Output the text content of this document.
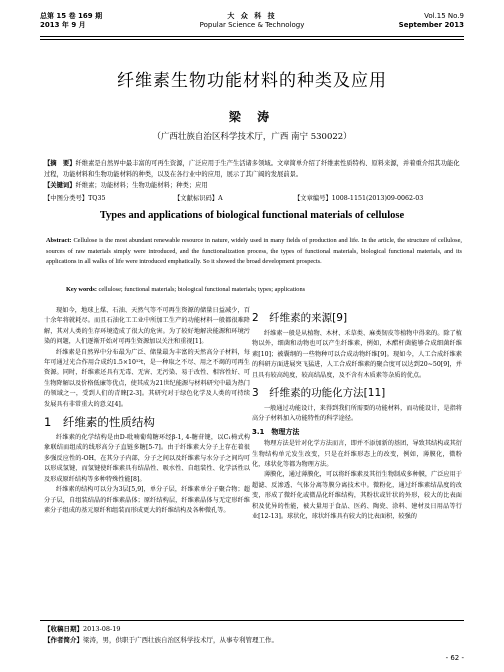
总第 15 卷 169 期
2013 年 9 月
大 众 科 技
Popular Science & Technology
Vol.15 No.9
September 2013
纤维素生物功能材料的种类及应用
梁 涛
（广西壮族自治区科学技术厅，广西 南宁 530022）
【摘　要】纤维素是自然界中最丰富的可再生资源，广泛应用于生产生活诸多领域。文章简单介绍了纤维素性质特构、原料来源，并着重介绍其功能化过程，功能材料和生物功能材料的种类，以及在各行业中的应用，展示了其广阔的发展前景。
【关键词】纤维素；功能材料；生物功能材料；种类；应用
【中图分类号】TQ35	【文献标识码】A	【文章编号】1008-1151(2013)09-0062-03
Types and applications of biological functional materials of cellulose
Abstract: Cellulose is the most abundant renewable resource in nature, widely used in many fields of production and life. In the article, the structure of cellulose, sources of raw materials simply were introduced, and the functionalization process, the types of functional materials, biological functional materials, and its applications in all walks of life were introduced emphatically. So it showed the broad development prospects.
Key words: cellulose; functional materials; biological functional materials; types; applications

现如今，地球上煤、石油、天然气等不可再生资源的储量日益减少，百十余年将就耗尽。而且石油化工工业中所加工生产的功能材料一般都很难降解，其对人类的生存环境造成了很大的危害。为了较好地解决能源和环境污染的问题，人们逐渐开始对可再生资源加以关注和重视[1]。

纤维素是自然界中分布最为广泛、储量最为丰富的天然高分子材料，每年可通过光合作用合成约1.5×10¹²t，是一种取之不尽、用之不竭的可再生资源。同时，纤维素还具有无毒、无害、无污染、易于改性、相容性好、可生物降解以及价格低廉等优点，使其成为21世纪能源与材料研究中最为热门的领域之一，受到人们的青睐[2-3]。其研究对于绿色化学及人类的可持续发展具有非常重大的意义[4]。

1　纤维素的性质结构

纤维素的化学结构是由D-吡喃葡萄糖环经β-1, 4-糖苷键，以C₁椅式构象联结而组成的线形高分子直链多糖[5-7]。由于纤维素大分子上存在着很多强反应性的-OH，在其分子内部，分子之间以及纤维素与水分子之间均可以形成氢键，而氢键使纤维素具有结晶性、吸水性、自组装性、化学活性以及形成原纤结构等多种特殊性能[8]。

纤维素的结构可以分为3层[5,9]，单分子层，纤维素单分子聚合物；超分子层，自组装结晶的纤维素晶体；原纤结构层，纤维素晶体与无定形纤维素分子组成的基元原纤和组装而形成更大的纤维结构及各种微孔等。

2　纤维素的来源[9]

纤维素一般是从植物、木材、禾草类、麻类韧皮等植物中得来的。除了植物以外，细菌和动物也可以产生纤维素，例如，木醋杆菌能够合成细菌纤维素[10]；被囊纲的一些物种可以合成动物纤维[9]。现如今，人工合成纤维素的科研方面进展突飞猛进，人工合成纤维素的聚合度可以达到20~50[9]，并且具有较高纯度，较高结晶度，及不含有木质素等杂质的优点。

3　纤维素的功能化方法[11]

一般通过功能设计，来得到我们所需要的功能材料，而功能设计，是指将高分子材料加入功能特性的科学途径。

3.1　物理方法

物理方法是针对化学方法而言，即并不添加新的基团，导致其结构或其衍生物结构单元发生改变，只是在纤维形态上的改变，例如，薄膜化，微粉化，球状化等都为物理方法。

薄膜化，通过薄膜化，可以将纤维素及其衍生物制成多种膜，广泛应用于超滤、反渗透、气体分离等膜分离技术中。微粉化，通过纤维素结晶度的改变，形成了微纤化或微晶化纤维结构，其粉状或针状的外形，较大的比表面积及优异的性能，被大量用于食品、医药、陶瓷、涂料、建材及日用品等行业[12-13]。球状化，球状纤维具有较大的比表面积，较强的

【收稿日期】2013-08-19
【作者简介】梁涛，男，供职于广西壮族自治区科学技术厅，从事专利管理工作。
- 62 -
